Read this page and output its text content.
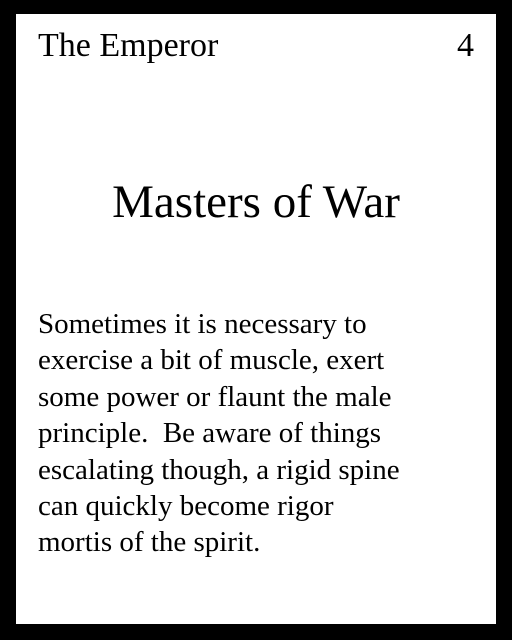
The Emperor	4
Masters of War
Sometimes it is necessary to
exercise a bit of muscle, exert
some power or flaunt the male
principle.  Be aware of things
escalating though, a rigid spine
can quickly become rigor
mortis of the spirit.
